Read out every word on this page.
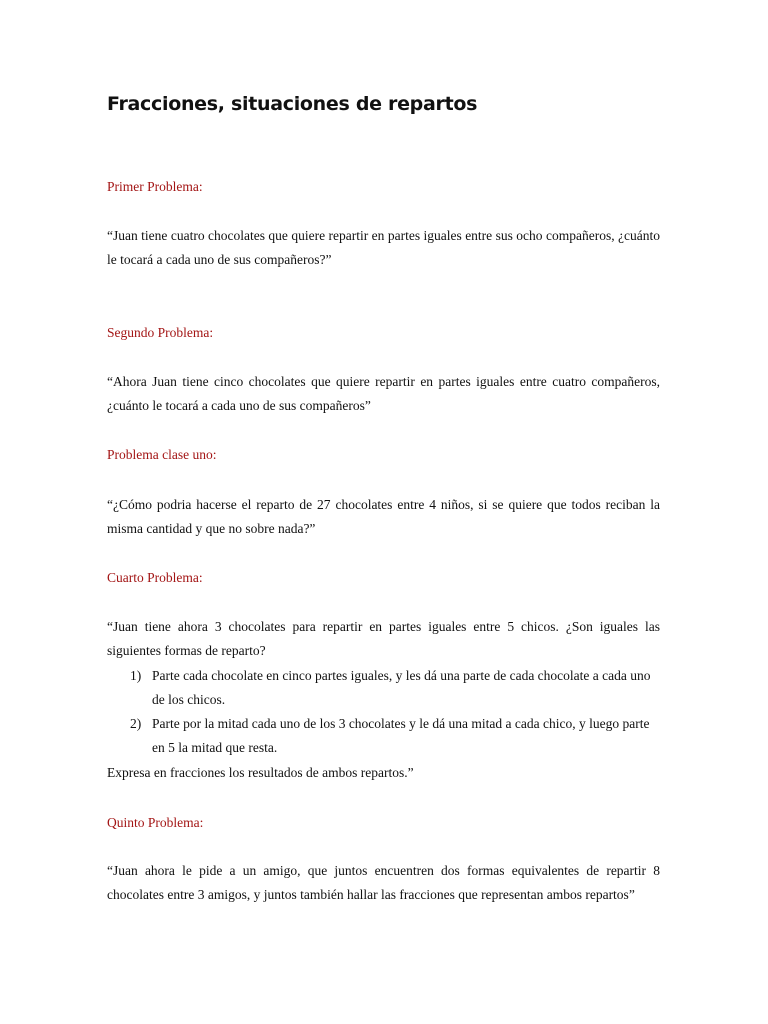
Fracciones, situaciones de repartos
Primer Problema:

“Juan tiene cuatro chocolates que quiere repartir en partes iguales entre sus ocho compañeros, ¿cuánto le tocará a cada uno de sus compañeros?”

Segundo Problema:

“Ahora Juan tiene cinco chocolates que quiere repartir en partes iguales entre cuatro compañeros, ¿cuánto le tocará a cada uno de sus compañeros”

Problema clase uno:

“¿Cómo podria hacerse el reparto de 27 chocolates entre 4 niños, si se quiere que todos reciban la misma cantidad y que no sobre nada?”

Cuarto Problema:

“Juan tiene ahora 3 chocolates para repartir en partes iguales entre 5 chicos. ¿Son iguales las siguientes formas de reparto?

1) Parte cada chocolate en cinco partes iguales, y les dá una parte de cada chocolate a cada uno de los chicos.
2) Parte por la mitad cada uno de los 3 chocolates y le dá una mitad a cada chico, y luego parte en 5 la mitad que resta.

Expresa en fracciones los resultados de ambos repartos.”

Quinto Problema:

“Juan ahora le pide a un amigo, que juntos encuentren dos formas equivalentes de repartir 8 chocolates entre 3 amigos, y juntos también hallar las fracciones que representan ambos repartos”
